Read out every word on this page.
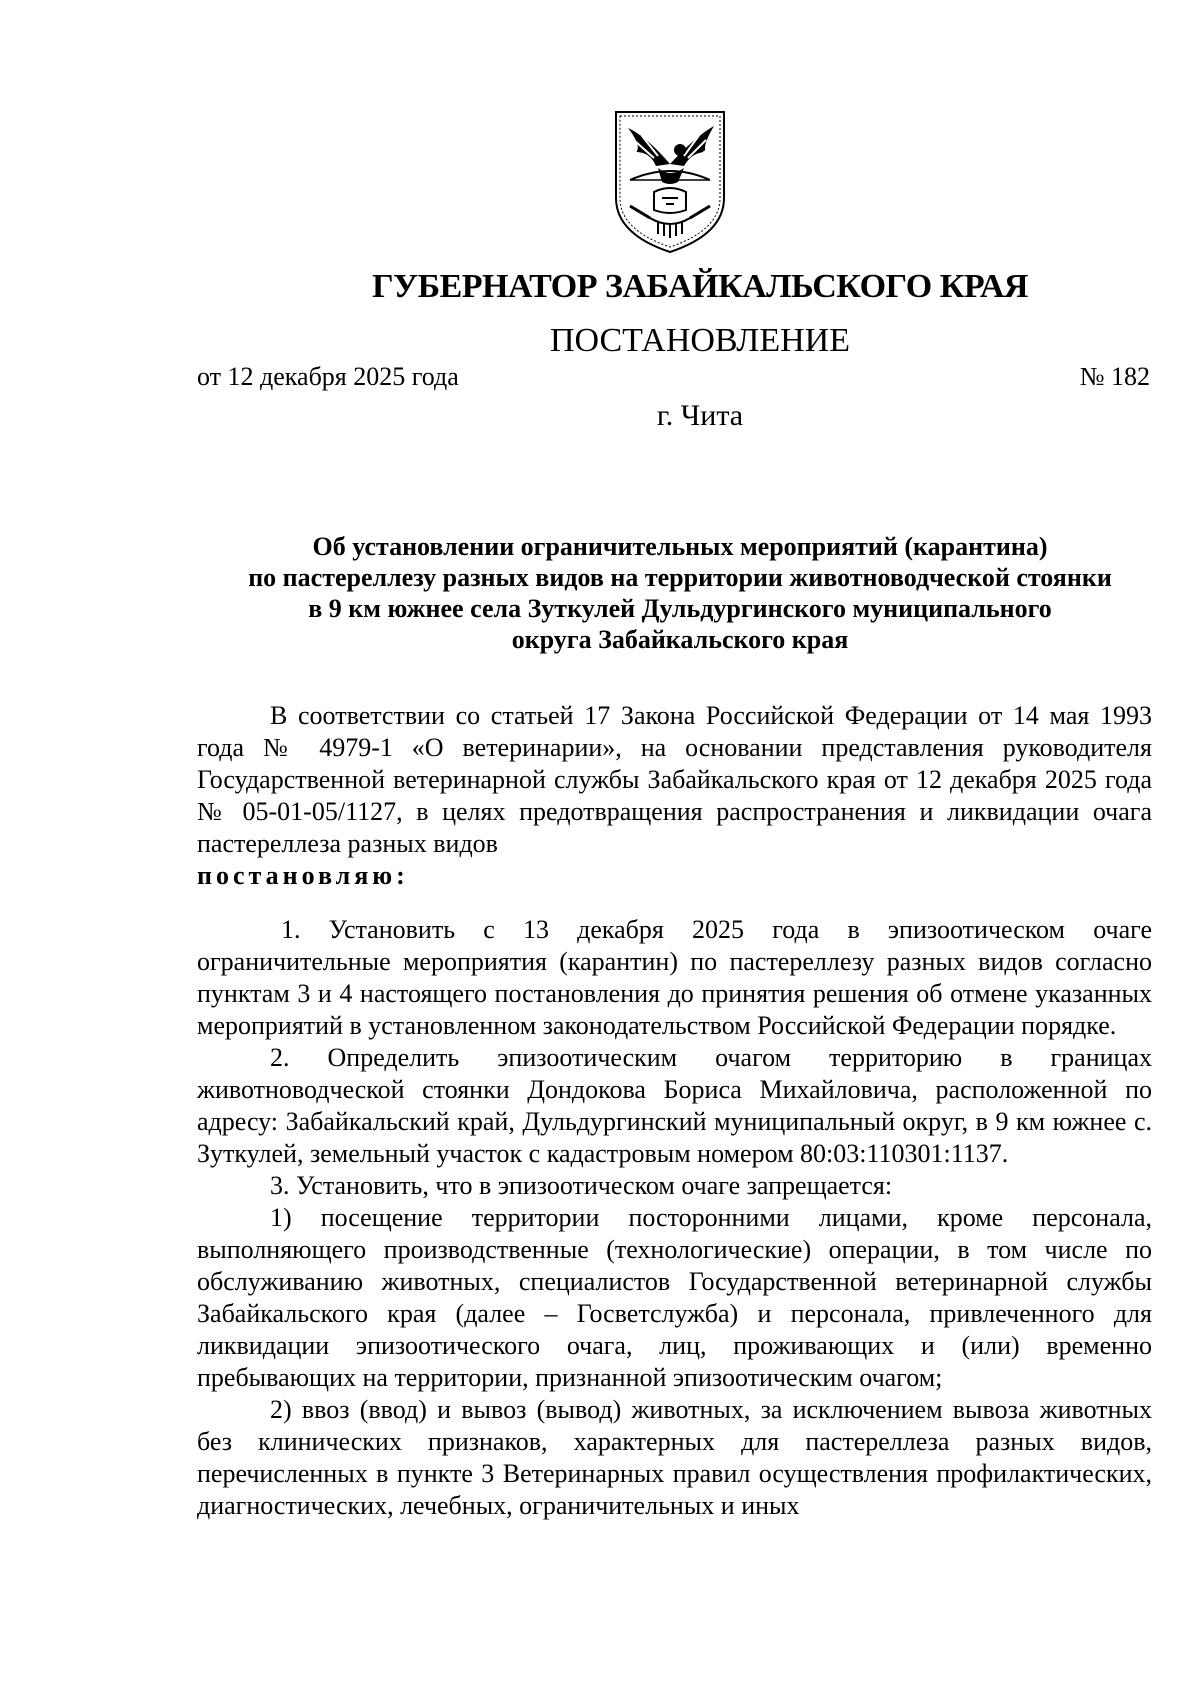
ГУБЕРНАТОР ЗАБАЙКАЛЬСКОГО КРАЯ
ПОСТАНОВЛЕНИЕ
от 12 декабря 2025 года	№ 182
г. Чита
Об установлении ограничительных мероприятий (карантина)
по пастереллезу разных видов на территории животноводческой стоянки
в 9 км южнее села Зуткулей Дульдургинского муниципального
округа Забайкальского края

В соответствии со статьей 17 Закона Российской Федерации от 14 мая 1993 года № 4979-1 «О ветеринарии», на основании представления руководителя Государственной ветеринарной службы Забайкальского края от 12 декабря 2025 года № 05-01-05/1127, в целях предотвращения распространения и ликвидации очага пастереллеза разных видов

постановляю:

1. Установить с 13 декабря 2025 года в эпизоотическом очаге ограничительные мероприятия (карантин) по пастереллезу разных видов согласно пунктам 3 и 4 настоящего постановления до принятия решения об отмене указанных мероприятий в установленном законодательством Российской Федерации порядке.

2. Определить эпизоотическим очагом территорию в границах животноводческой стоянки Дондокова Бориса Михайловича, расположенной по адресу: Забайкальский край, Дульдургинский муниципальный округ, в 9 км южнее с. Зуткулей, земельный участок с кадастровым номером 80:03:110301:1137.

3. Установить, что в эпизоотическом очаге запрещается:

1) посещение территории посторонними лицами, кроме персонала, выполняющего производственные (технологические) операции, в том числе по обслуживанию животных, специалистов Государственной ветеринарной службы Забайкальского края (далее – Госветслужба) и персонала, привлеченного для ликвидации эпизоотического очага, лиц, проживающих и (или) временно пребывающих на территории, признанной эпизоотическим очагом;

2) ввоз (ввод) и вывоз (вывод) животных, за исключением вывоза животных без клинических признаков, характерных для пастереллеза разных видов, перечисленных в пункте 3 Ветеринарных правил осуществления профилактических, диагностических, лечебных, ограничительных и иных
